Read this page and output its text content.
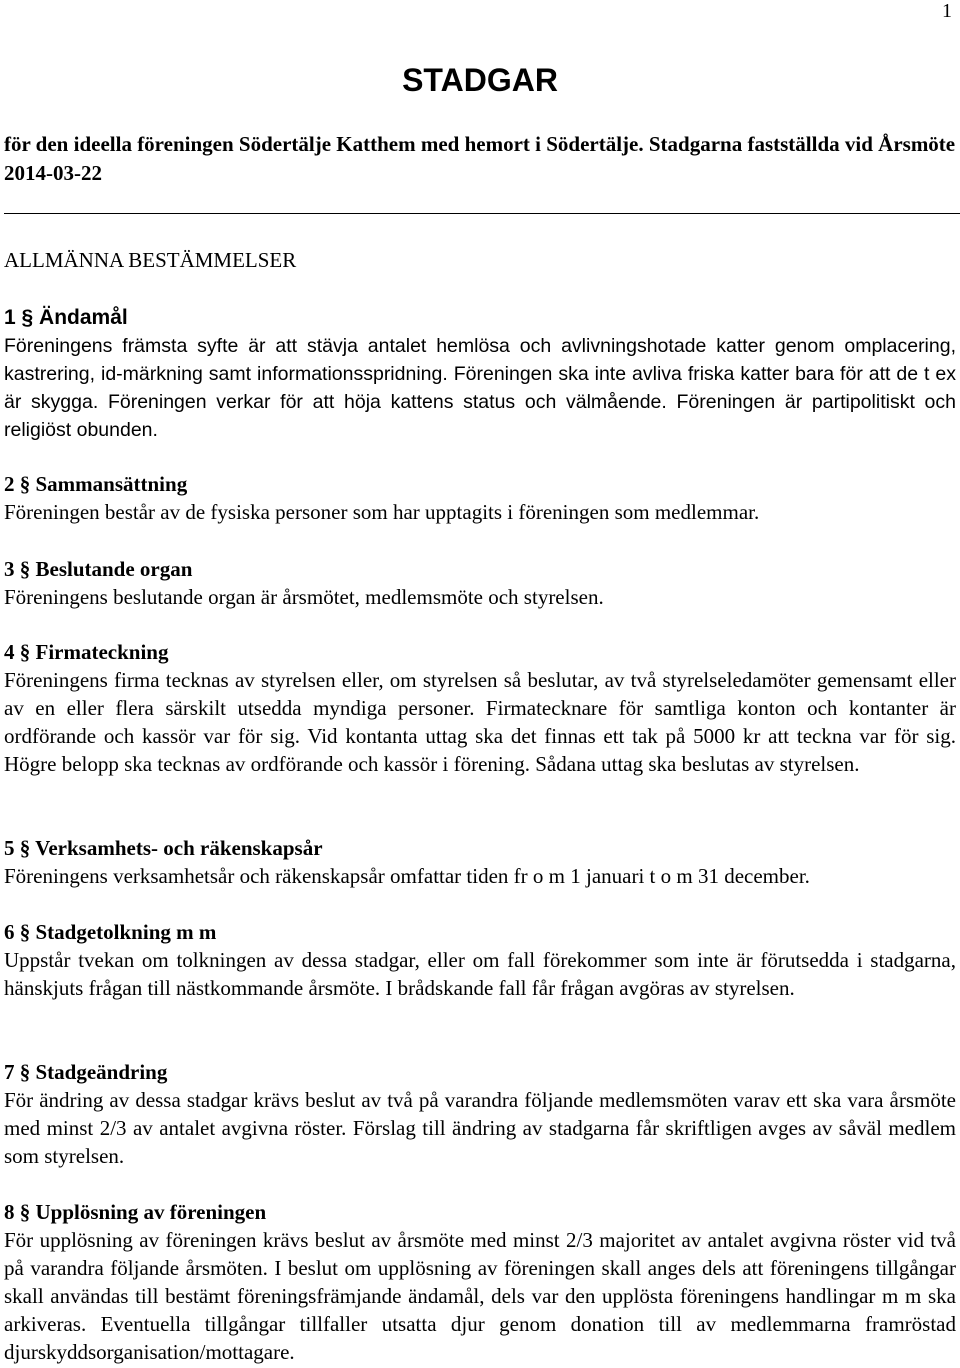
1
STADGAR
för den ideella föreningen Södertälje Katthem med hemort i Södertälje. Stadgarna fastställda vid Årsmöte 2014-03-22
ALLMÄNNA BESTÄMMELSER
1 § Ändamål
Föreningens främsta syfte är att stävja antalet hemlösa och avlivningshotade katter genom omplacering, kastrering, id-märkning samt informationsspridning. Föreningen ska inte avliva friska katter bara för att de t ex är skygga. Föreningen verkar för att höja kattens status och välmående. Föreningen är partipolitiskt och religiöst obunden.
2 § Sammansättning
Föreningen består av de fysiska personer som har upptagits i föreningen som medlemmar.
3 § Beslutande organ
Föreningens beslutande organ är årsmötet, medlemsmöte och styrelsen.
4 § Firmateckning
Föreningens firma tecknas av styrelsen eller, om styrelsen så beslutar, av två styrelseledamöter gemensamt eller av en eller flera särskilt utsedda myndiga personer. Firmatecknare för samtliga konton och kontanter är ordförande och kassör var för sig. Vid kontanta uttag ska det finnas ett tak på 5000 kr att teckna var för sig. Högre belopp ska tecknas av ordförande och kassör i förening. Sådana uttag ska beslutas av styrelsen.
5 § Verksamhets- och räkenskapsår
Föreningens verksamhetsår och räkenskapsår omfattar tiden fr o m 1 januari t o m 31 december.
6 § Stadgetolkning m m
Uppstår tvekan om tolkningen av dessa stadgar, eller om fall förekommer som inte är förutsedda i stadgarna, hänskjuts frågan till nästkommande årsmöte. I brådskande fall får frågan avgöras av styrelsen.
7 § Stadgeändring
För ändring av dessa stadgar krävs beslut av två på varandra följande medlemsmöten varav ett ska vara årsmöte med minst 2/3 av antalet avgivna röster. Förslag till ändring av stadgarna får skriftligen avges av såväl medlem som styrelsen.
8 § Upplösning av föreningen
För upplösning av föreningen krävs beslut av årsmöte med minst 2/3 majoritet av antalet avgivna röster vid två på varandra följande årsmöten. I beslut om upplösning av föreningen skall anges dels att föreningens tillgångar skall användas till bestämt föreningsfrämjande ändamål, dels var den upplösta föreningens handlingar m m ska arkiveras. Eventuella tillgångar tillfaller utsatta djur genom donation till av medlemmarna framröstad djurskyddsorganisation/mottagare.
